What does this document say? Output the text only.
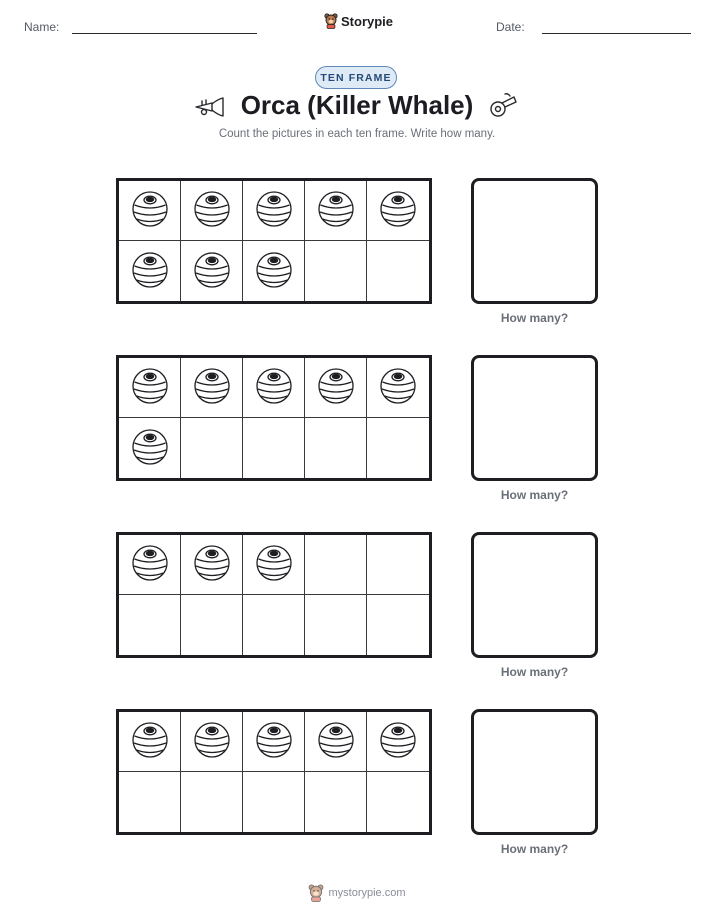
Name:	Storypie	Date:
TEN FRAME
Orca (Killer Whale)
Count the pictures in each ten frame. Write how many.
How many?
How many?
How many?
How many?
mystorypie.com
